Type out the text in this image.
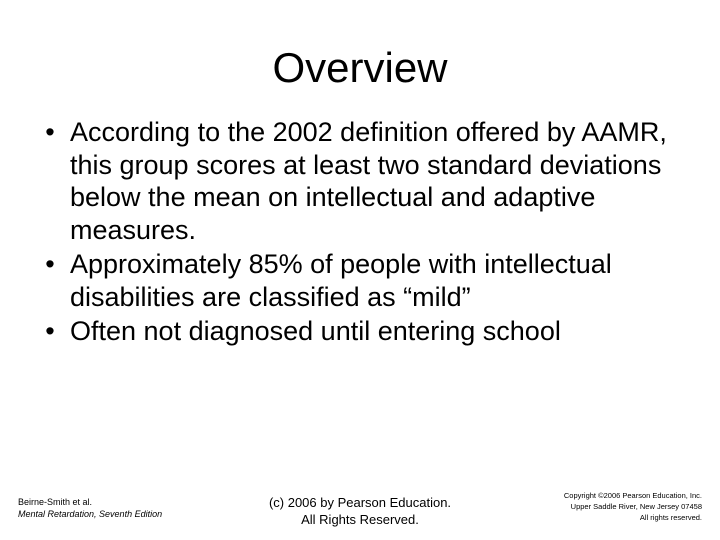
Overview
• According to the 2002 definition offered by AAMR, this group scores at least two standard deviations below the mean on intellectual and adaptive measures.
• Approximately 85% of people with intellectual disabilities are classified as “mild”
• Often not diagnosed until entering school
Beirne-Smith et al.
Mental Retardation, Seventh Edition
(c) 2006 by Pearson Education.
All Rights Reserved.
Copyright ©2006 Pearson Education, Inc.
Upper Saddle River, New Jersey 07458
All rights reserved.
